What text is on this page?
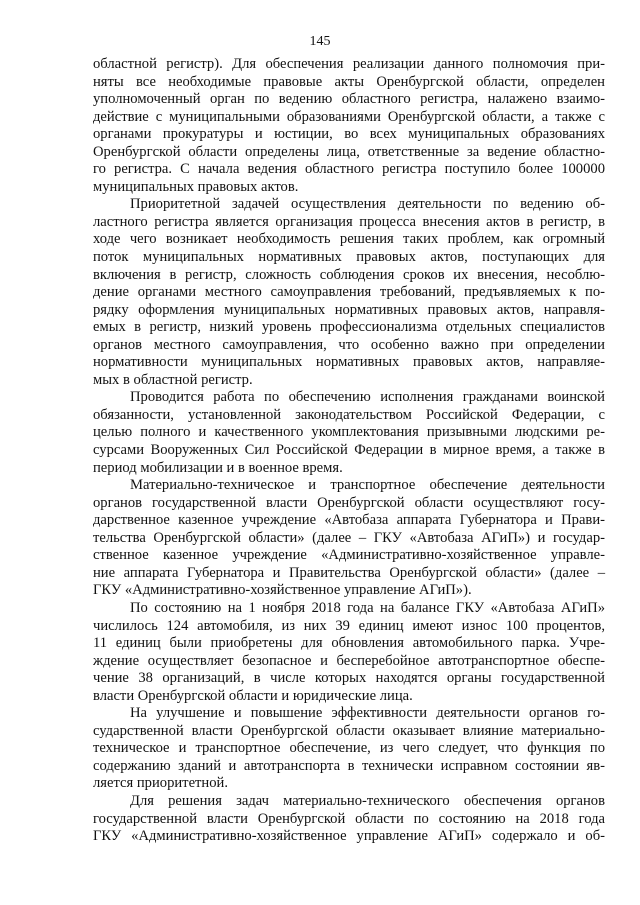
145
областной регистр). Для обеспечения реализации данного полномочия при-
няты все необходимые правовые акты Оренбургской области, определен
уполномоченный орган по ведению областного регистра, налажено взаимо-
действие с муниципальными образованиями Оренбургской области, а также с
органами прокуратуры и юстиции, во всех муниципальных образованиях
Оренбургской области определены лица, ответственные за ведение областно-
го регистра. С начала ведения областного регистра поступило более 100000
муниципальных правовых актов.
Приоритетной задачей осуществления деятельности по ведению об-
ластного регистра является организация процесса внесения актов в регистр, в
ходе чего возникает необходимость решения таких проблем, как огромный
поток муниципальных нормативных правовых актов, поступающих для
включения в регистр, сложность соблюдения сроков их внесения, несоблю-
дение органами местного самоуправления требований, предъявляемых к по-
рядку оформления муниципальных нормативных правовых актов, направля-
емых в регистр, низкий уровень профессионализма отдельных специалистов
органов местного самоуправления, что особенно важно при определении
нормативности муниципальных нормативных правовых актов, направляе-
мых в областной регистр.
Проводится работа по обеспечению исполнения гражданами воинской
обязанности, установленной законодательством Российской Федерации, с
целью полного и качественного укомплектования призывными людскими ре-
сурсами Вооруженных Сил Российской Федерации в мирное время, а также в
период мобилизации и в военное время.
Материально-техническое и транспортное обеспечение деятельности
органов государственной власти Оренбургской области осуществляют госу-
дарственное казенное учреждение «Автобаза аппарата Губернатора и Прави-
тельства Оренбургской области» (далее – ГКУ «Автобаза АГиП») и государ-
ственное казенное учреждение «Административно-хозяйственное управле-
ние аппарата Губернатора и Правительства Оренбургской области» (далее –
ГКУ «Административно-хозяйственное управление АГиП»).
По состоянию на 1 ноября 2018 года на балансе ГКУ «Автобаза АГиП»
числилось 124 автомобиля, из них 39 единиц имеют износ 100 процентов,
11 единиц были приобретены для обновления автомобильного парка. Учре-
ждение осуществляет безопасное и бесперебойное автотранспортное обеспе-
чение 38 организаций, в числе которых находятся органы государственной
власти Оренбургской области и юридические лица.
На улучшение и повышение эффективности деятельности органов го-
сударственной власти Оренбургской области оказывает влияние материально-
техническое и транспортное обеспечение, из чего следует, что функция по
содержанию зданий и автотранспорта в технически исправном состоянии яв-
ляется приоритетной.
Для решения задач материально-технического обеспечения органов
государственной власти Оренбургской области по состоянию на 2018 года
ГКУ «Административно-хозяйственное управление АГиП» содержало и об-
